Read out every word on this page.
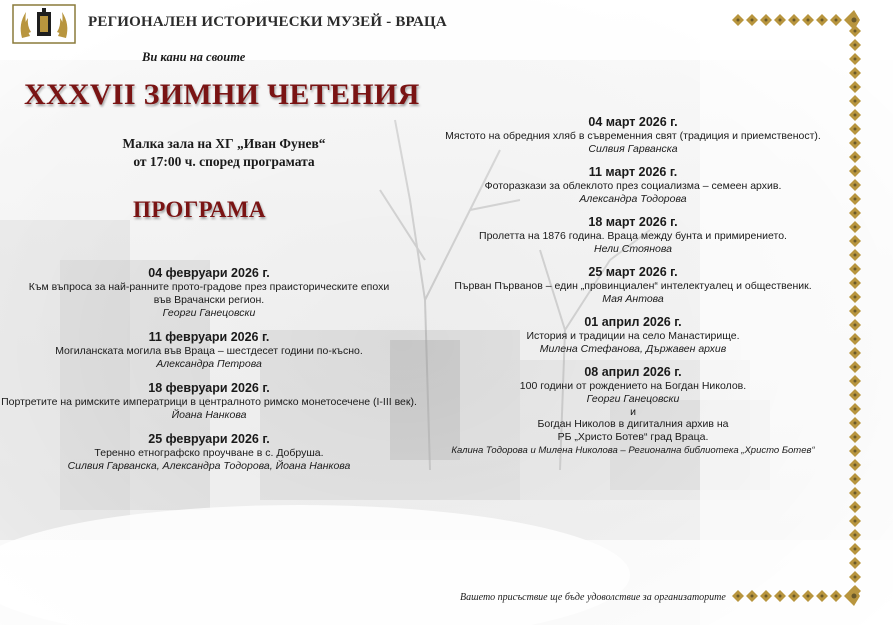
РЕГИОНАЛЕН ИСТОРИЧЕСКИ МУЗЕЙ - ВРАЦА
Ви кани на своите
XXXVII ЗИМНИ ЧЕТЕНИЯ
Малка зала на ХГ „Иван Фунев“
от 17:00 ч. според програмата
ПРОГРАМА
04 февруари 2026 г.
Към въпроса за най-ранните прото-градове през праисторическите епохи
във Врачански регион.
Георги Ганецовски
11 февруари 2026 г.
Могиланската могила във Враца – шестдесет години по-късно.
Александра Петрова
18 февруари 2026 г.
Портретите на римските императрици в централното римско монетосечене (I-III век).
Йоана Нанкова
25 февруари 2026 г.
Теренно етнографско проучване в с. Добруша.
Силвия Гарванска, Александра Тодорова, Йоана Нанкова
04 март 2026 г.
Мястото на обредния хляб в съвременния свят (традиция и приемственост).
Силвия Гарванска
11 март 2026 г.
Фоторазкази за облеклото през социализма – семеен архив.
Александра Тодорова
18 март 2026 г.
Пролетта на 1876 година. Враца между бунта и примирението.
Нели Стоянова
25 март 2026 г.
Първан Първанов – един „провинциален“ интелектуалец и общественик.
Мая Антова
01 април 2026 г.
История и традиции на село Манастирище.
Милена Стефанова, Държавен архив
08 април 2026 г.
100 години от рождението на Богдан Николов.
Георги Ганецовски
и
Богдан Николов в дигиталния архив на
РБ „Христо Ботев“ град Враца.
Калина Тодорова и Милена Николова – Регионална библиотека „Христо Ботев“
Вашето присъствие ще бъде удоволствие за организаторите
